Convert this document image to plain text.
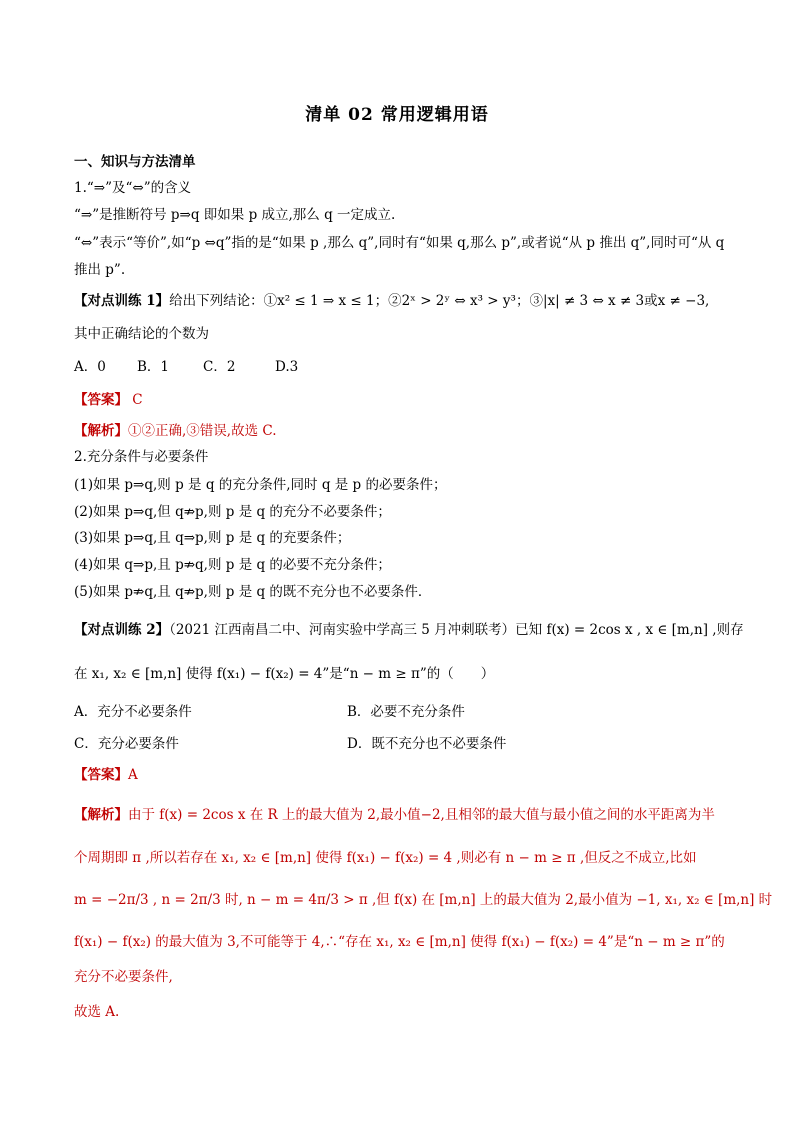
清单 02 常用逻辑用语
一、知识与方法清单
1.“⇒”及“⇔”的含义
“⇒”是推断符号 p⇒q 即如果 p 成立,那么 q 一定成立.
“⇔”表示“等价”,如“p ⇔q”指的是“如果 p ,那么 q”,同时有“如果 q,那么 p”,或者说“从 p 推出 q”,同时可“从 q
推出 p”.
【对点训练 1】给出下列结论：①x² ≤ 1 ⇒ x ≤ 1；②2ˣ > 2ʸ ⇔ x³ > y³；③|x| ≠ 3 ⇔ x ≠ 3或x ≠ −3,
其中正确结论的个数为
A．0 B．1	C．2	D.3
【答案】 C
【解析】①②正确,③错误,故选 C.
2.充分条件与必要条件
(1)如果 p⇒q,则 p 是 q 的充分条件,同时 q 是 p 的必要条件；
(2)如果 p⇒q,但 q⇏p,则 p 是 q 的充分不必要条件；
(3)如果 p⇒q,且 q⇒p,则 p 是 q 的充要条件；
(4)如果 q⇒p,且 p⇏q,则 p 是 q 的必要不充分条件；
(5)如果 p⇏q,且 q⇏p,则 p 是 q 的既不充分也不必要条件．
【对点训练 2】（2021 江西南昌二中、河南实验中学高三 5 月冲刺联考）已知 f(x) = 2cos x , x ∈ [m,n] ,则存
在 x₁, x₂ ∈ [m,n] 使得 f(x₁) − f(x₂) = 4”是“n − m ≥ π”的（　　）
A．充分不必要条件	B．必要不充分条件
C．充分必要条件	D．既不充分也不必要条件
【答案】A
【解析】由于 f(x) = 2cos x 在 R 上的最大值为 2,最小值−2,且相邻的最大值与最小值之间的水平距离为半
个周期即 π ,所以若存在 x₁, x₂ ∈ [m,n] 使得 f(x₁) − f(x₂) = 4 ,则必有 n − m ≥ π ,但反之不成立,比如
m = −2π/3 , n = 2π/3 时, n − m = 4π/3 > π ,但 f(x) 在 [m,n] 上的最大值为 2,最小值为 −1, x₁, x₂ ∈ [m,n] 时
f(x₁) − f(x₂) 的最大值为 3,不可能等于 4,∴“存在 x₁, x₂ ∈ [m,n] 使得 f(x₁) − f(x₂) = 4”是“n − m ≥ π”的
充分不必要条件,
故选 A.
